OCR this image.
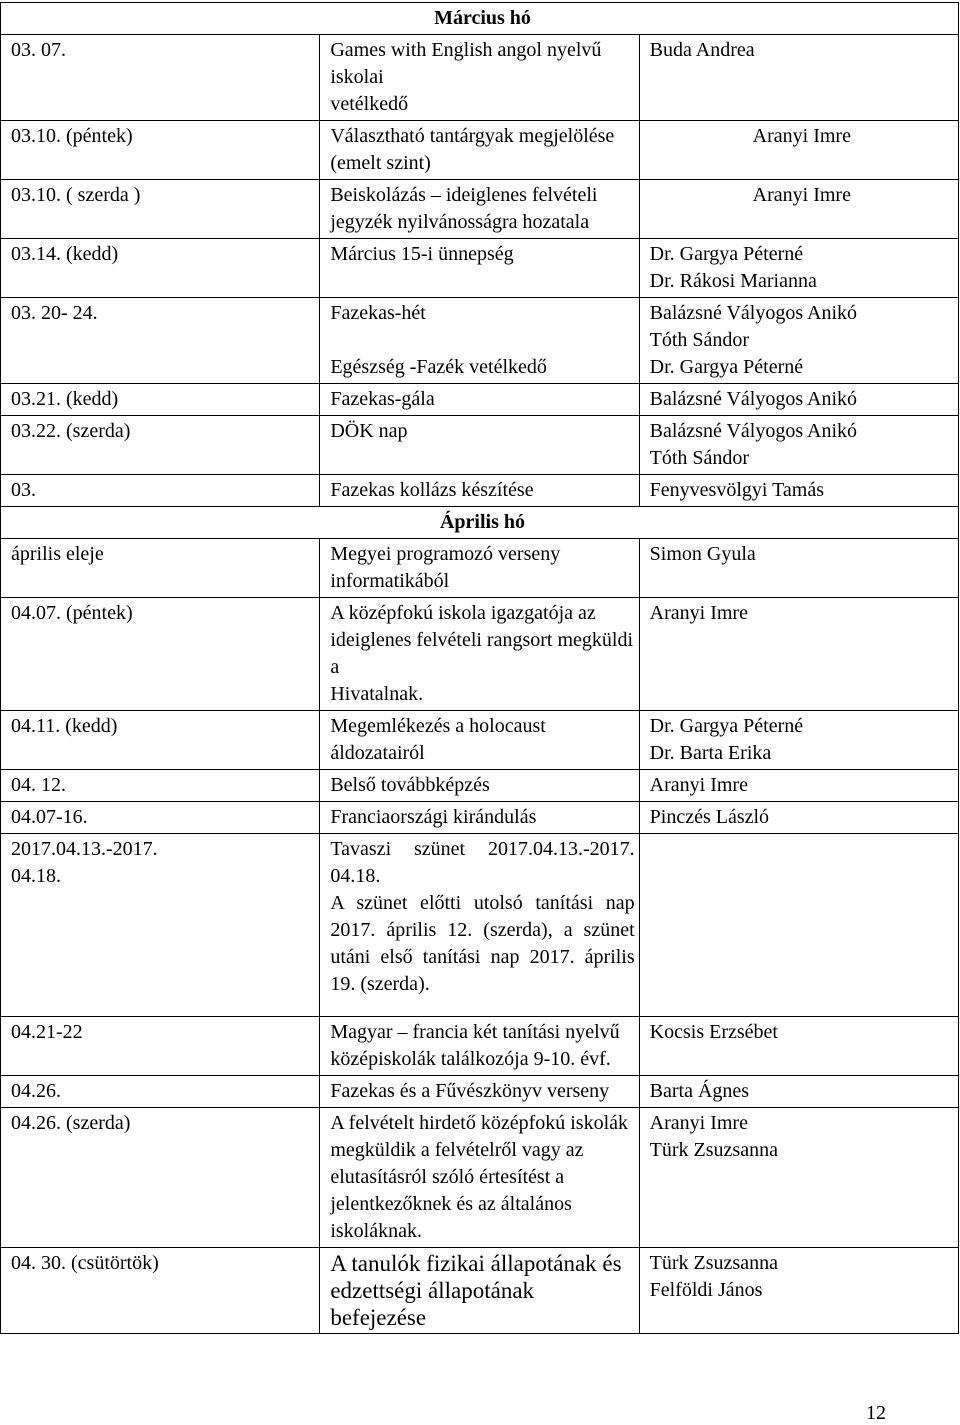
Március hó		

03. 07.	Games with English angol nyelvű iskolai
vetélkedő	Buda Andrea

03.10. (péntek)	Választható tantárgyak megjelölése
(emelt szint)	Aranyi Imre

03.10. ( szerda )	Beiskolázás – ideiglenes felvételi
jegyzék nyilvánosságra hozatala	Aranyi Imre

03.14. (kedd)	Március 15-i ünnepség	Dr. Gargya Péterné
Dr. Rákosi Marianna

03. 20- 24.	Fazekas-hét

Egészség -Fazék vetélkedő	Balázsné Vályogos Anikó
Tóth Sándor
Dr. Gargya Péterné

03.21. (kedd)	Fazekas-gála	Balázsné Vályogos Anikó

03.22. (szerda)	DÖK nap	Balázsné Vályogos Anikó
Tóth Sándor

03.	Fazekas kollázs készítése	Fenyvesvölgyi Tamás

Április hó		

április eleje	Megyei programozó verseny
informatikából	Simon Gyula

04.07. (péntek)	A középfokú iskola igazgatója az
ideiglenes felvételi rangsort megküldi a
Hivatalnak.	Aranyi Imre

04.11. (kedd)	Megemlékezés a holocaust áldozatairól	Dr. Gargya Péterné
Dr. Barta Erika

04. 12.	Belső továbbképzés	Aranyi Imre

04.07-16.	Franciaországi kirándulás	Pinczés László

2017.04.13.-2017.
04.18.	Tavaszi szünet 2017.04.13.-2017. 04.18.
A szünet előtti utolsó tanítási nap 2017. április 12. (szerda), a szünet utáni első tanítási nap 2017. április 19. (szerda).	

04.21-22	Magyar – francia két tanítási nyelvű
középiskolák találkozója 9-10. évf.	Kocsis Erzsébet

04.26.	Fazekas és a Fűvészkönyv verseny	Barta Ágnes

04.26. (szerda)	A felvételt hirdető középfokú iskolák
megküldik a felvételről vagy az
elutasításról szóló értesítést a
jelentkezőknek és az általános
iskoláknak.	Aranyi Imre
Türk Zsuzsanna

04. 30. (csütörtök)	A tanulók fizikai állapotának és
edzettségi állapotának befejezése	Türk Zsuzsanna
Felföldi János
12
